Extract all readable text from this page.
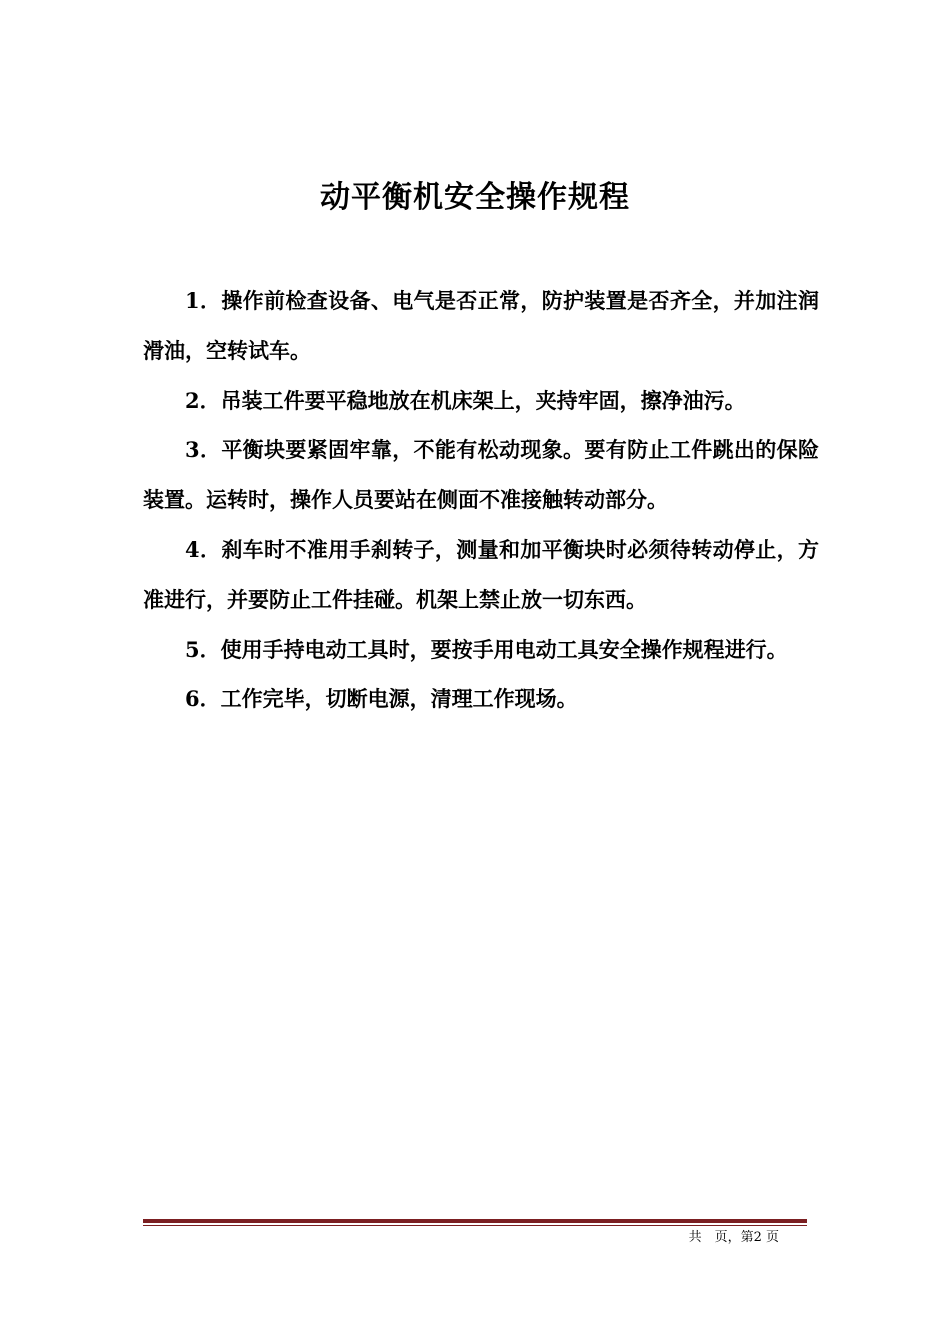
动平衡机安全操作规程

1．操作前检查设备、电气是否正常，防护装置是否齐全，并加注润滑油，空转试车。

2．吊装工件要平稳地放在机床架上，夹持牢固，擦净油污。

3．平衡块要紧固牢靠，不能有松动现象。要有防止工件跳出的保险装置。运转时，操作人员要站在侧面不准接触转动部分。

4．刹车时不准用手刹转子，测量和加平衡块时必须待转动停止，方准进行，并要防止工件挂碰。机架上禁止放一切东西。

5．使用手持电动工具时，要按手用电动工具安全操作规程进行。

6．工作完毕，切断电源，清理工作现场。

共　页，第2 页
